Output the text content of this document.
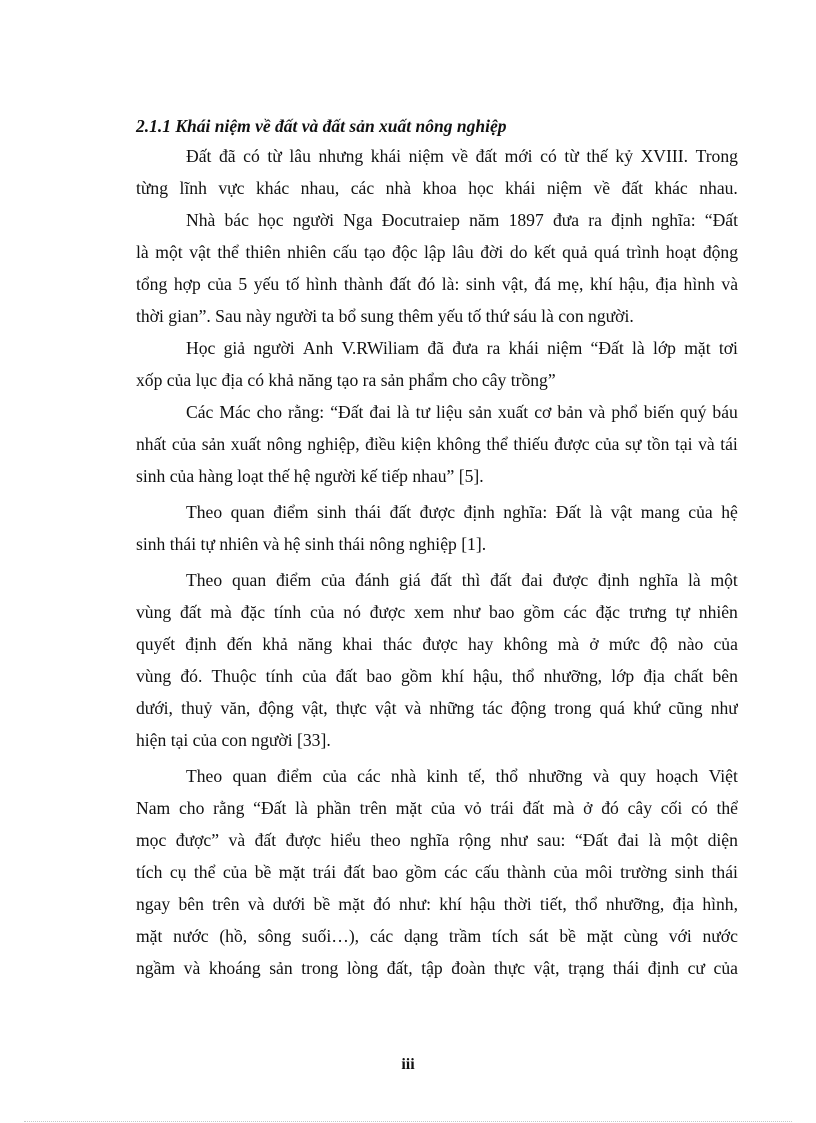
2.1.1 Khái niệm về đất và đất sản xuất nông nghiệp
Đất đã có từ lâu nhưng khái niệm về đất mới có từ thế kỷ XVIII. Trong
từng lĩnh vực khác nhau, các nhà khoa học khái niệm về đất khác nhau.
Nhà bác học người Nga Đocutraiep năm 1897 đưa ra định nghĩa: “Đất
là một vật thể thiên nhiên cấu tạo độc lập lâu đời do kết quả quá trình hoạt động
tổng hợp của 5 yếu tố hình thành đất đó là: sinh vật, đá mẹ, khí hậu, địa hình và
thời gian”. Sau này người ta bổ sung thêm yếu tố thứ sáu là con người.
Học giả người Anh V.RWiliam đã đưa ra khái niệm “Đất là lớp mặt tơi
xốp của lục địa có khả năng tạo ra sản phẩm cho cây trồng”
Các Mác cho rằng: “Đất đai là tư liệu sản xuất cơ bản và phổ biến quý báu
nhất của sản xuất nông nghiệp, điều kiện không thể thiếu được của sự tồn tại và tái
sinh của hàng loạt thế hệ người kế tiếp nhau” [5].
Theo quan điểm sinh thái đất được định nghĩa: Đất là vật mang của hệ
sinh thái tự nhiên và hệ sinh thái nông nghiệp [1].
Theo quan điểm của đánh giá đất thì đất đai được định nghĩa là một
vùng đất mà đặc tính của nó được xem như bao gồm các đặc trưng tự nhiên
quyết định đến khả năng khai thác được hay không mà ở mức độ nào của
vùng đó. Thuộc tính của đất bao gồm khí hậu, thổ nhưỡng, lớp địa chất bên
dưới, thuỷ văn, động vật, thực vật và những tác động trong quá khứ cũng như
hiện tại của con người [33].
Theo quan điểm của các nhà kinh tế, thổ nhưỡng và quy hoạch Việt
Nam cho rằng “Đất là phần trên mặt của vỏ trái đất mà ở đó cây cối có thể
mọc được” và đất được hiểu theo nghĩa rộng như sau: “Đất đai là một diện
tích cụ thể của bề mặt trái đất bao gồm các cấu thành của môi trường sinh thái
ngay bên trên và dưới bề mặt đó như: khí hậu thời tiết, thổ nhưỡng, địa hình,
mặt nước (hồ, sông suối…), các dạng trầm tích sát bề mặt cùng với nước
ngầm và khoáng sản trong lòng đất, tập đoàn thực vật, trạng thái định cư của
iii
